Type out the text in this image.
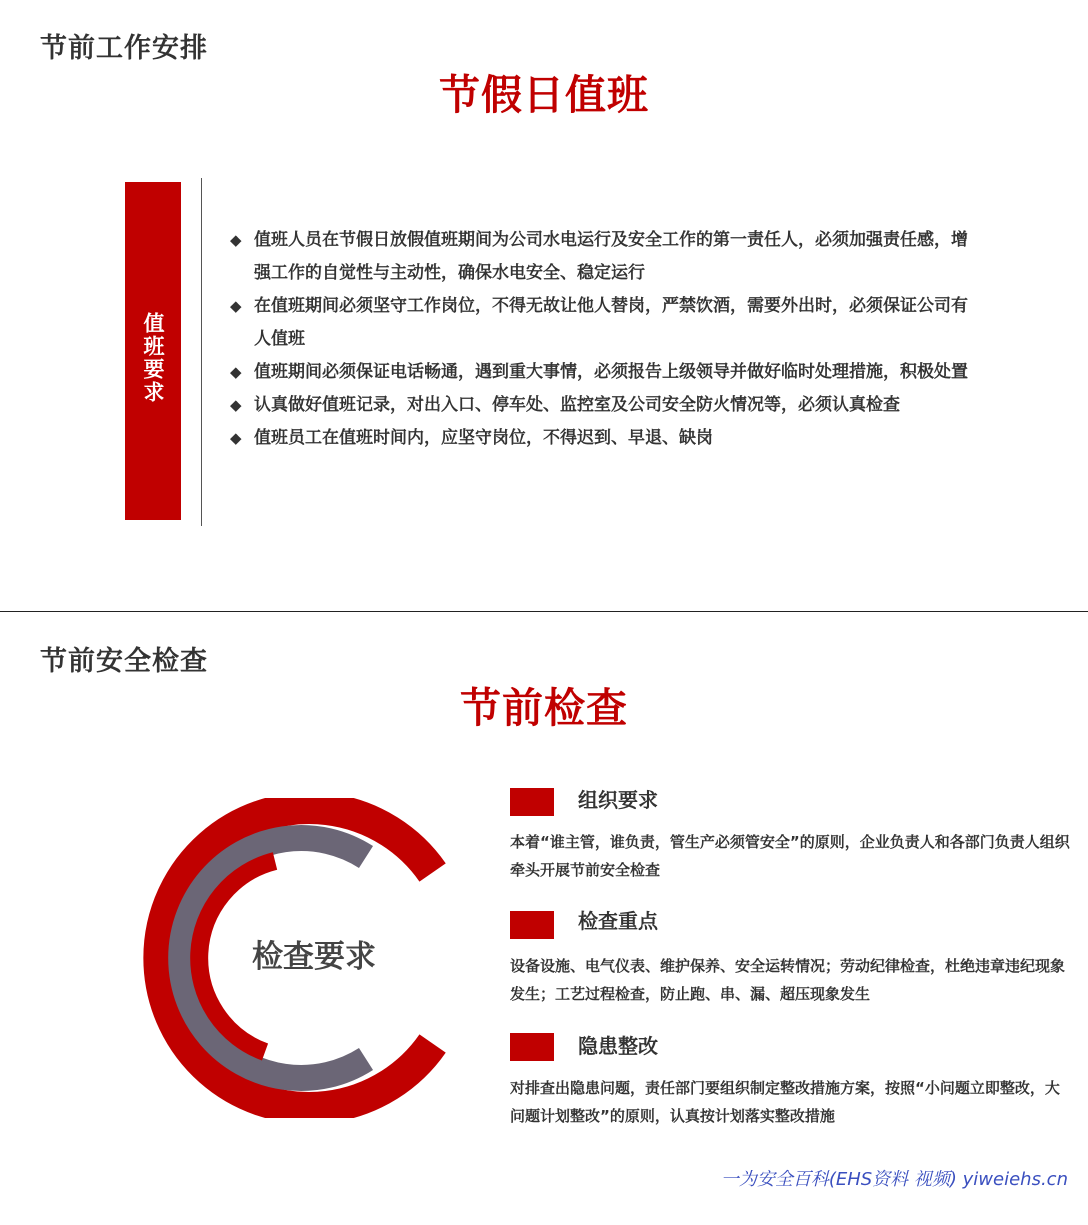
节前工作安排
节假日值班
值班要求
◆ 值班人员在节假日放假值班期间为公司水电运行及安全工作的第一责任人，必须加强责任感，增强工作的自觉性与主动性，确保水电安全、稳定运行
◆ 在值班期间必须坚守工作岗位，不得无故让他人替岗，严禁饮酒，需要外出时，必须保证公司有人值班
◆ 值班期间必须保证电话畅通，遇到重大事情，必须报告上级领导并做好临时处理措施，积极处置
◆ 认真做好值班记录，对出入口、停车处、监控室及公司安全防火情况等，必须认真检查
◆ 值班员工在值班时间内，应坚守岗位，不得迟到、早退、缺岗
节前安全检查
节前检查
检查要求
组织要求
本着“谁主管，谁负责，管生产必须管安全”的原则，企业负责人和各部门负责人组织牵头开展节前安全检查
检查重点
设备设施、电气仪表、维护保养、安全运转情况；劳动纪律检查，杜绝违章违纪现象发生；工艺过程检查，防止跑、串、漏、超压现象发生
隐患整改
对排查出隐患问题，责任部门要组织制定整改措施方案，按照“小问题立即整改，大问题计划整改”的原则，认真按计划落实整改措施
一为安全百科(EHS资料 视频) yiweiehs.cn
